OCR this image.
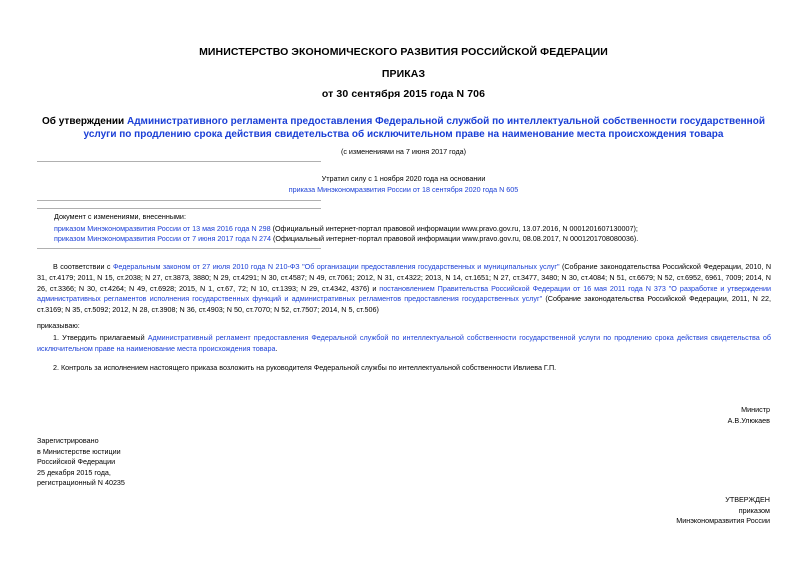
МИНИСТЕРСТВО ЭКОНОМИЧЕСКОГО РАЗВИТИЯ РОССИЙСКОЙ ФЕДЕРАЦИИ
ПРИКАЗ
от 30 сентября 2015 года N 706
Об утверждении Административного регламента предоставления Федеральной службой по интеллектуальной собственности государственной услуги по продлению срока действия свидетельства об исключительном праве на наименование места происхождения товара
(с изменениями на 7 июня 2017 года)
Утратил силу с 1 ноября 2020 года на основании
приказа Минэкономразвития России от 18 сентября 2020 года N 605
Документ с изменениями, внесенными:
приказом Минэкономразвития России от 13 мая 2016 года N 298 (Официальный интернет-портал правовой информации www.pravo.gov.ru, 13.07.2016, N 0001201607130007);
приказом Минэкономразвития России от 7 июня 2017 года N 274 (Официальный интернет-портал правовой информации www.pravo.gov.ru, 08.08.2017, N 0001201708080036).
В соответствии с Федеральным законом от 27 июля 2010 года N 210-ФЗ "Об организации предоставления государственных и муниципальных услуг" (Собрание законодательства Российской Федерации, 2010, N 31, ст.4179; 2011, N 15, ст.2038; N 27, ст.3873, 3880; N 29, ст.4291; N 30, ст.4587; N 49, ст.7061; 2012, N 31, ст.4322; 2013, N 14, ст.1651; N 27, ст.3477, 3480; N 30, ст.4084; N 51, ст.6679; N 52, ст.6952, 6961, 7009; 2014, N 26, ст.3366; N 30, ст.4264; N 49, ст.6928; 2015, N 1, ст.67, 72; N 10, ст.1393; N 29, ст.4342, 4376) и постановлением Правительства Российской Федерации от 16 мая 2011 года N 373 "О разработке и утверждении административных регламентов исполнения государственных функций и административных регламентов предоставления государственных услуг" (Собрание законодательства Российской Федерации, 2011, N 22, ст.3169; N 35, ст.5092; 2012, N 28, ст.3908; N 36, ст.4903; N 50, ст.7070; N 52, ст.7507; 2014, N 5, ст.506)
приказываю:
1. Утвердить прилагаемый Административный регламент предоставления Федеральной службой по интеллектуальной собственности государственной услуги по продлению срока действия свидетельства об исключительном праве на наименование места происхождения товара.
2. Контроль за исполнением настоящего приказа возложить на руководителя Федеральной службы по интеллектуальной собственности Ивлиева Г.П.
Министр
А.В.Улюкаев
Зарегистрировано
в Министерстве юстиции
Российской Федерации
25 декабря 2015 года,
регистрационный N 40235
УТВЕРЖДЕН
приказом
Минэкономразвития России
